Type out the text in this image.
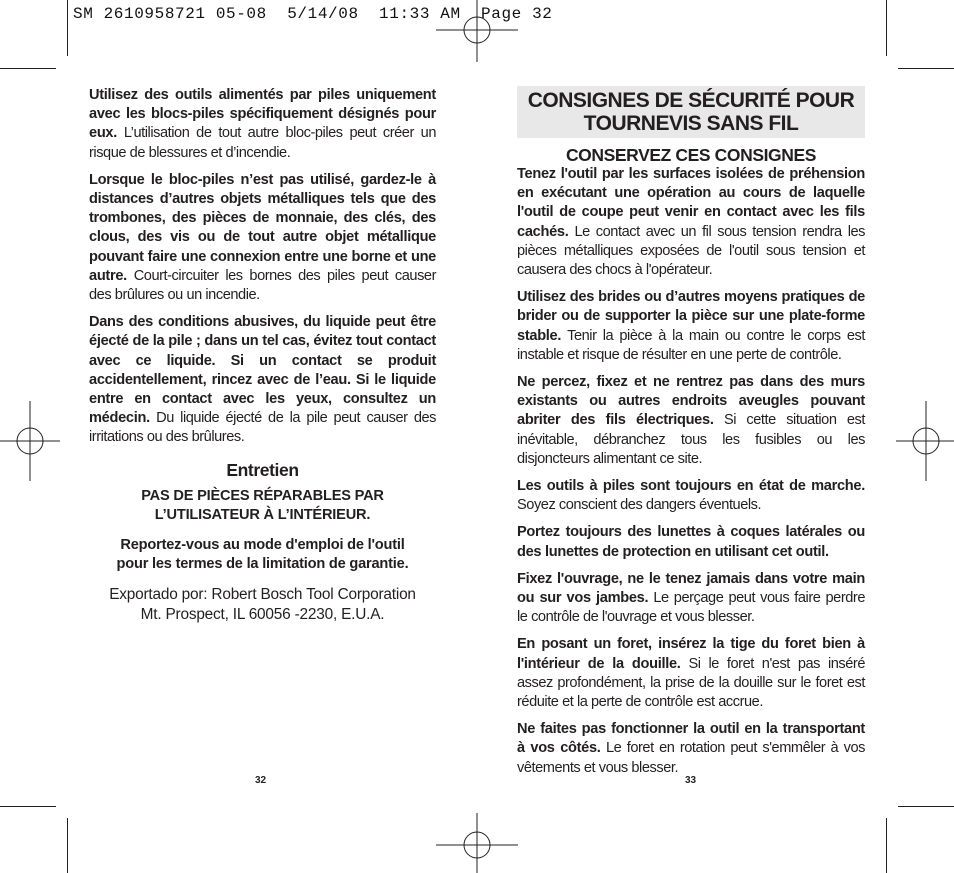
SM 2610958721 05-08  5/14/08  11:33 AM  Page 32

Utilisez des outils alimentés par piles uniquement avec les blocs-piles spécifiquement désignés pour eux. L’utilisation de tout autre bloc-piles peut créer un risque de blessures et d’incendie.

Lorsque le bloc-piles n’est pas utilisé, gardez-le à distances d’autres objets métalliques tels que des trombones, des pièces de monnaie, des clés, des clous, des vis ou de tout autre objet métallique pouvant faire une connexion entre une borne et une autre. Court-circuiter les bornes des piles peut causer des brûlures ou un incendie.

Dans des conditions abusives, du liquide peut être éjecté de la pile ; dans un tel cas, évitez tout contact avec ce liquide. Si un contact se produit accidentellement, rincez avec de l’eau. Si le liquide entre en contact avec les yeux, consultez un médecin. Du liquide éjecté de la pile peut causer des irritations ou des brûlures.

Entretien
PAS DE PIÈCES RÉPARABLES PAR
L’UTILISATEUR À L’INTÉRIEUR.
Reportez-vous au mode d'emploi de l'outil
pour les termes de la limitation de garantie.
Exportado por: Robert Bosch Tool Corporation
Mt. Prospect, IL 60056 -2230, E.U.A.
32
CONSIGNES DE SÉCURITÉ POUR
TOURNEVIS SANS FIL
CONSERVEZ CES CONSIGNES

Tenez l'outil par les surfaces isolées de préhension en exécutant une opération au cours de laquelle l'outil de coupe peut venir en contact avec les fils cachés. Le contact avec un fil sous tension rendra les pièces métalliques exposées de l'outil sous tension et causera des chocs à l'opérateur.

Utilisez des brides ou d’autres moyens pratiques de brider ou de supporter la pièce sur une plate-forme stable. Tenir la pièce à la main ou contre le corps est instable et risque de résulter en une perte de contrôle.

Ne percez, fixez et ne rentrez pas dans des murs existants ou autres endroits aveugles pouvant abriter des fils électriques. Si cette situation est inévitable, débranchez tous les fusibles ou les disjoncteurs alimentant ce site.

Les outils à piles sont toujours en état de marche. Soyez conscient des dangers éventuels.

Portez toujours des lunettes à coques latérales ou des lunettes de protection en utilisant cet outil.

Fixez l'ouvrage, ne le tenez jamais dans votre main ou sur vos jambes. Le perçage peut vous faire perdre le contrôle de l'ouvrage et vous blesser.

En posant un foret, insérez la tige du foret bien à l'intérieur de la douille. Si le foret n'est pas inséré assez profondément, la prise de la douille sur le foret est réduite et la perte de contrôle est accrue.

Ne faites pas fonctionner la outil en la transportant à vos côtés. Le foret en rotation peut s'emmêler à vos vêtements et vous blesser.

33
